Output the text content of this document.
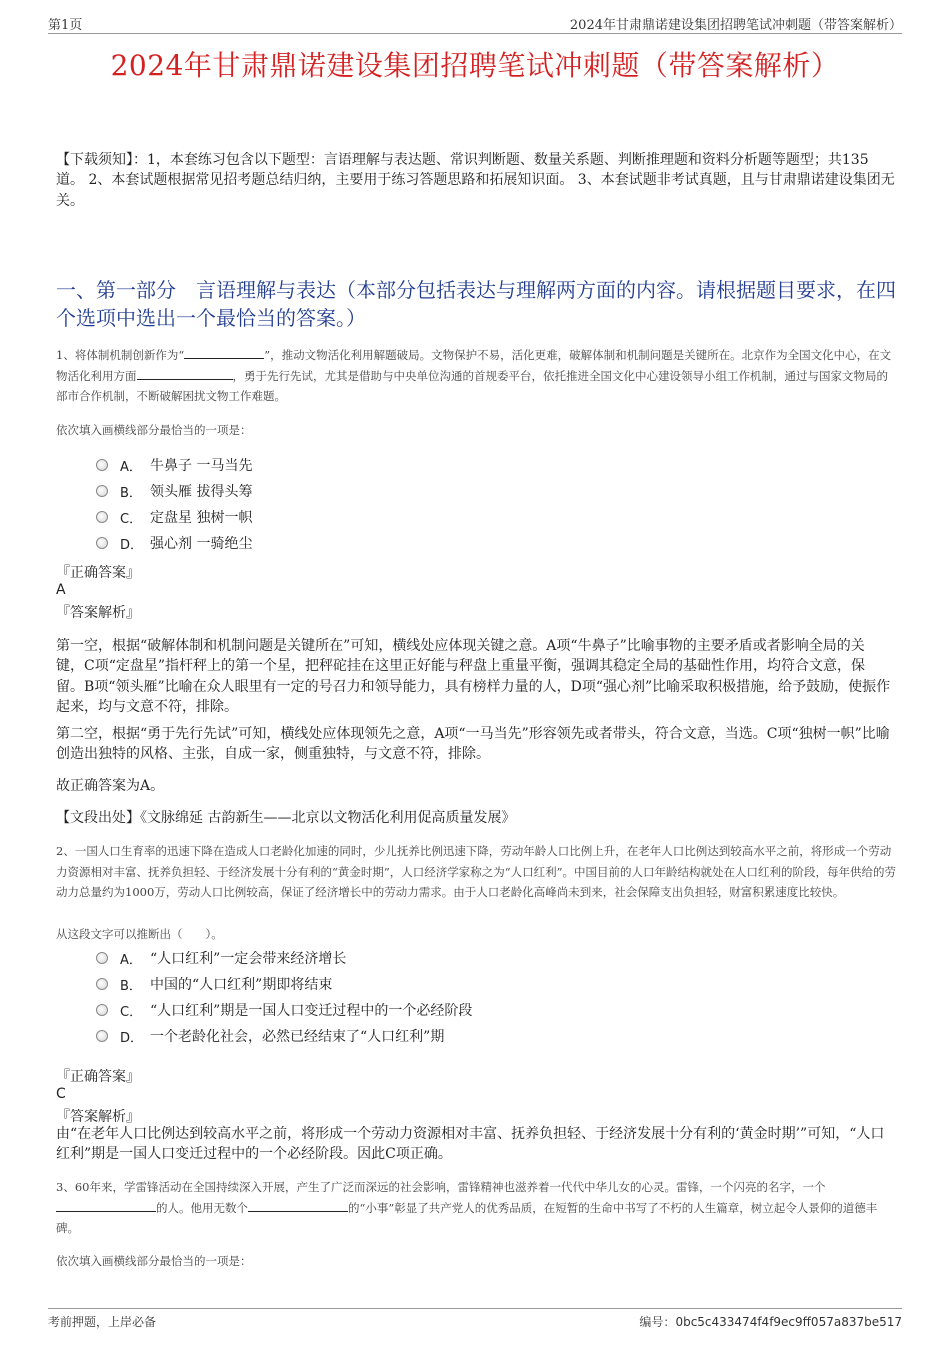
第1页	2024年甘肃鼎诺建设集团招聘笔试冲刺题（带答案解析）
2024年甘肃鼎诺建设集团招聘笔试冲刺题（带答案解析）
【下载须知】：1，本套练习包含以下题型：言语理解与表达题、常识判断题、数量关系题、判断推理题和资料分析题等题型；共135道。 2、本套试题根据常见招考题总结归纳，主要用于练习答题思路和拓展知识面。 3、本套试题非考试真题，且与甘肃鼎诺建设集团无关。
一、第一部分　言语理解与表达（本部分包括表达与理解两方面的内容。请根据题目要求，在四个选项中选出一个最恰当的答案。）
1、将体制机制创新作为“	”，推动文物活化利用解题破局。文物保护不易，活化更难，破解体制和机制问题是关键所在。北京作为全国文化中心，在文物活化利用方面	，勇于先行先试，尤其是借助与中央单位沟通的首规委平台，依托推进全国文化中心建设领导小组工作机制，通过与国家文物局的部市合作机制，不断破解困扰文物工作难题。
依次填入画横线部分最恰当的一项是：
A． 牛鼻子 一马当先
B． 领头雁 拔得头筹
C． 定盘星 独树一帜
D． 强心剂 一骑绝尘
『正确答案』
A
『答案解析』

第一空，根据“破解体制和机制问题是关键所在”可知，横线处应体现关键之意。A项“牛鼻子”比喻事物的主要矛盾或者影响全局的关键，C项“定盘星”指杆秤上的第一个星，把秤砣挂在这里正好能与秤盘上重量平衡，强调其稳定全局的基础性作用，均符合文意，保留。B项“领头雁”比喻在众人眼里有一定的号召力和领导能力，具有榜样力量的人，D项“强心剂”比喻采取积极措施，给予鼓励，使振作起来，均与文意不符，排除。

第二空，根据“勇于先行先试”可知，横线处应体现领先之意，A项“一马当先”形容领先或者带头，符合文意，当选。C项“独树一帜”比喻创造出独特的风格、主张，自成一家，侧重独特，与文意不符，排除。

故正确答案为A。

【文段出处】《文脉绵延 古韵新生——北京以文物活化利用促高质量发展》

2、一国人口生育率的迅速下降在造成人口老龄化加速的同时，少儿抚养比例迅速下降，劳动年龄人口比例上升，在老年人口比例达到较高水平之前，将形成一个劳动力资源相对丰富、抚养负担轻、于经济发展十分有利的“黄金时期”，人口经济学家称之为“人口红利”。中国目前的人口年龄结构就处在人口红利的阶段，每年供给的劳动力总量约为1000万，劳动人口比例较高，保证了经济增长中的劳动力需求。由于人口老龄化高峰尚未到来，社会保障支出负担轻，财富积累速度比较快。
从这段文字可以推断出（　　）。
A． “人口红利”一定会带来经济增长
B． 中国的“人口红利”期即将结束
C． “人口红利”期是一国人口变迁过程中的一个必经阶段
D． 一个老龄化社会，必然已经结束了“人口红利”期
『正确答案』
C
『答案解析』

由“在老年人口比例达到较高水平之前，将形成一个劳动力资源相对丰富、抚养负担轻、于经济发展十分有利的‘黄金时期’”可知，“人口红利”期是一国人口变迁过程中的一个必经阶段。因此C项正确。

3、60年来，学雷锋活动在全国持续深入开展，产生了广泛而深远的社会影响，雷锋精神也滋养着一代代中华儿女的心灵。雷锋，一个闪亮的名字，一个的人。他用无数个	的“小事”彰显了共产党人的优秀品质，在短暂的生命中书写了不朽的人生篇章，树立起令人景仰的道德丰碑。
依次填入画横线部分最恰当的一项是：
考前押题，上岸必备	编号：0bc5c433474f4f9ec9ff057a837be517
